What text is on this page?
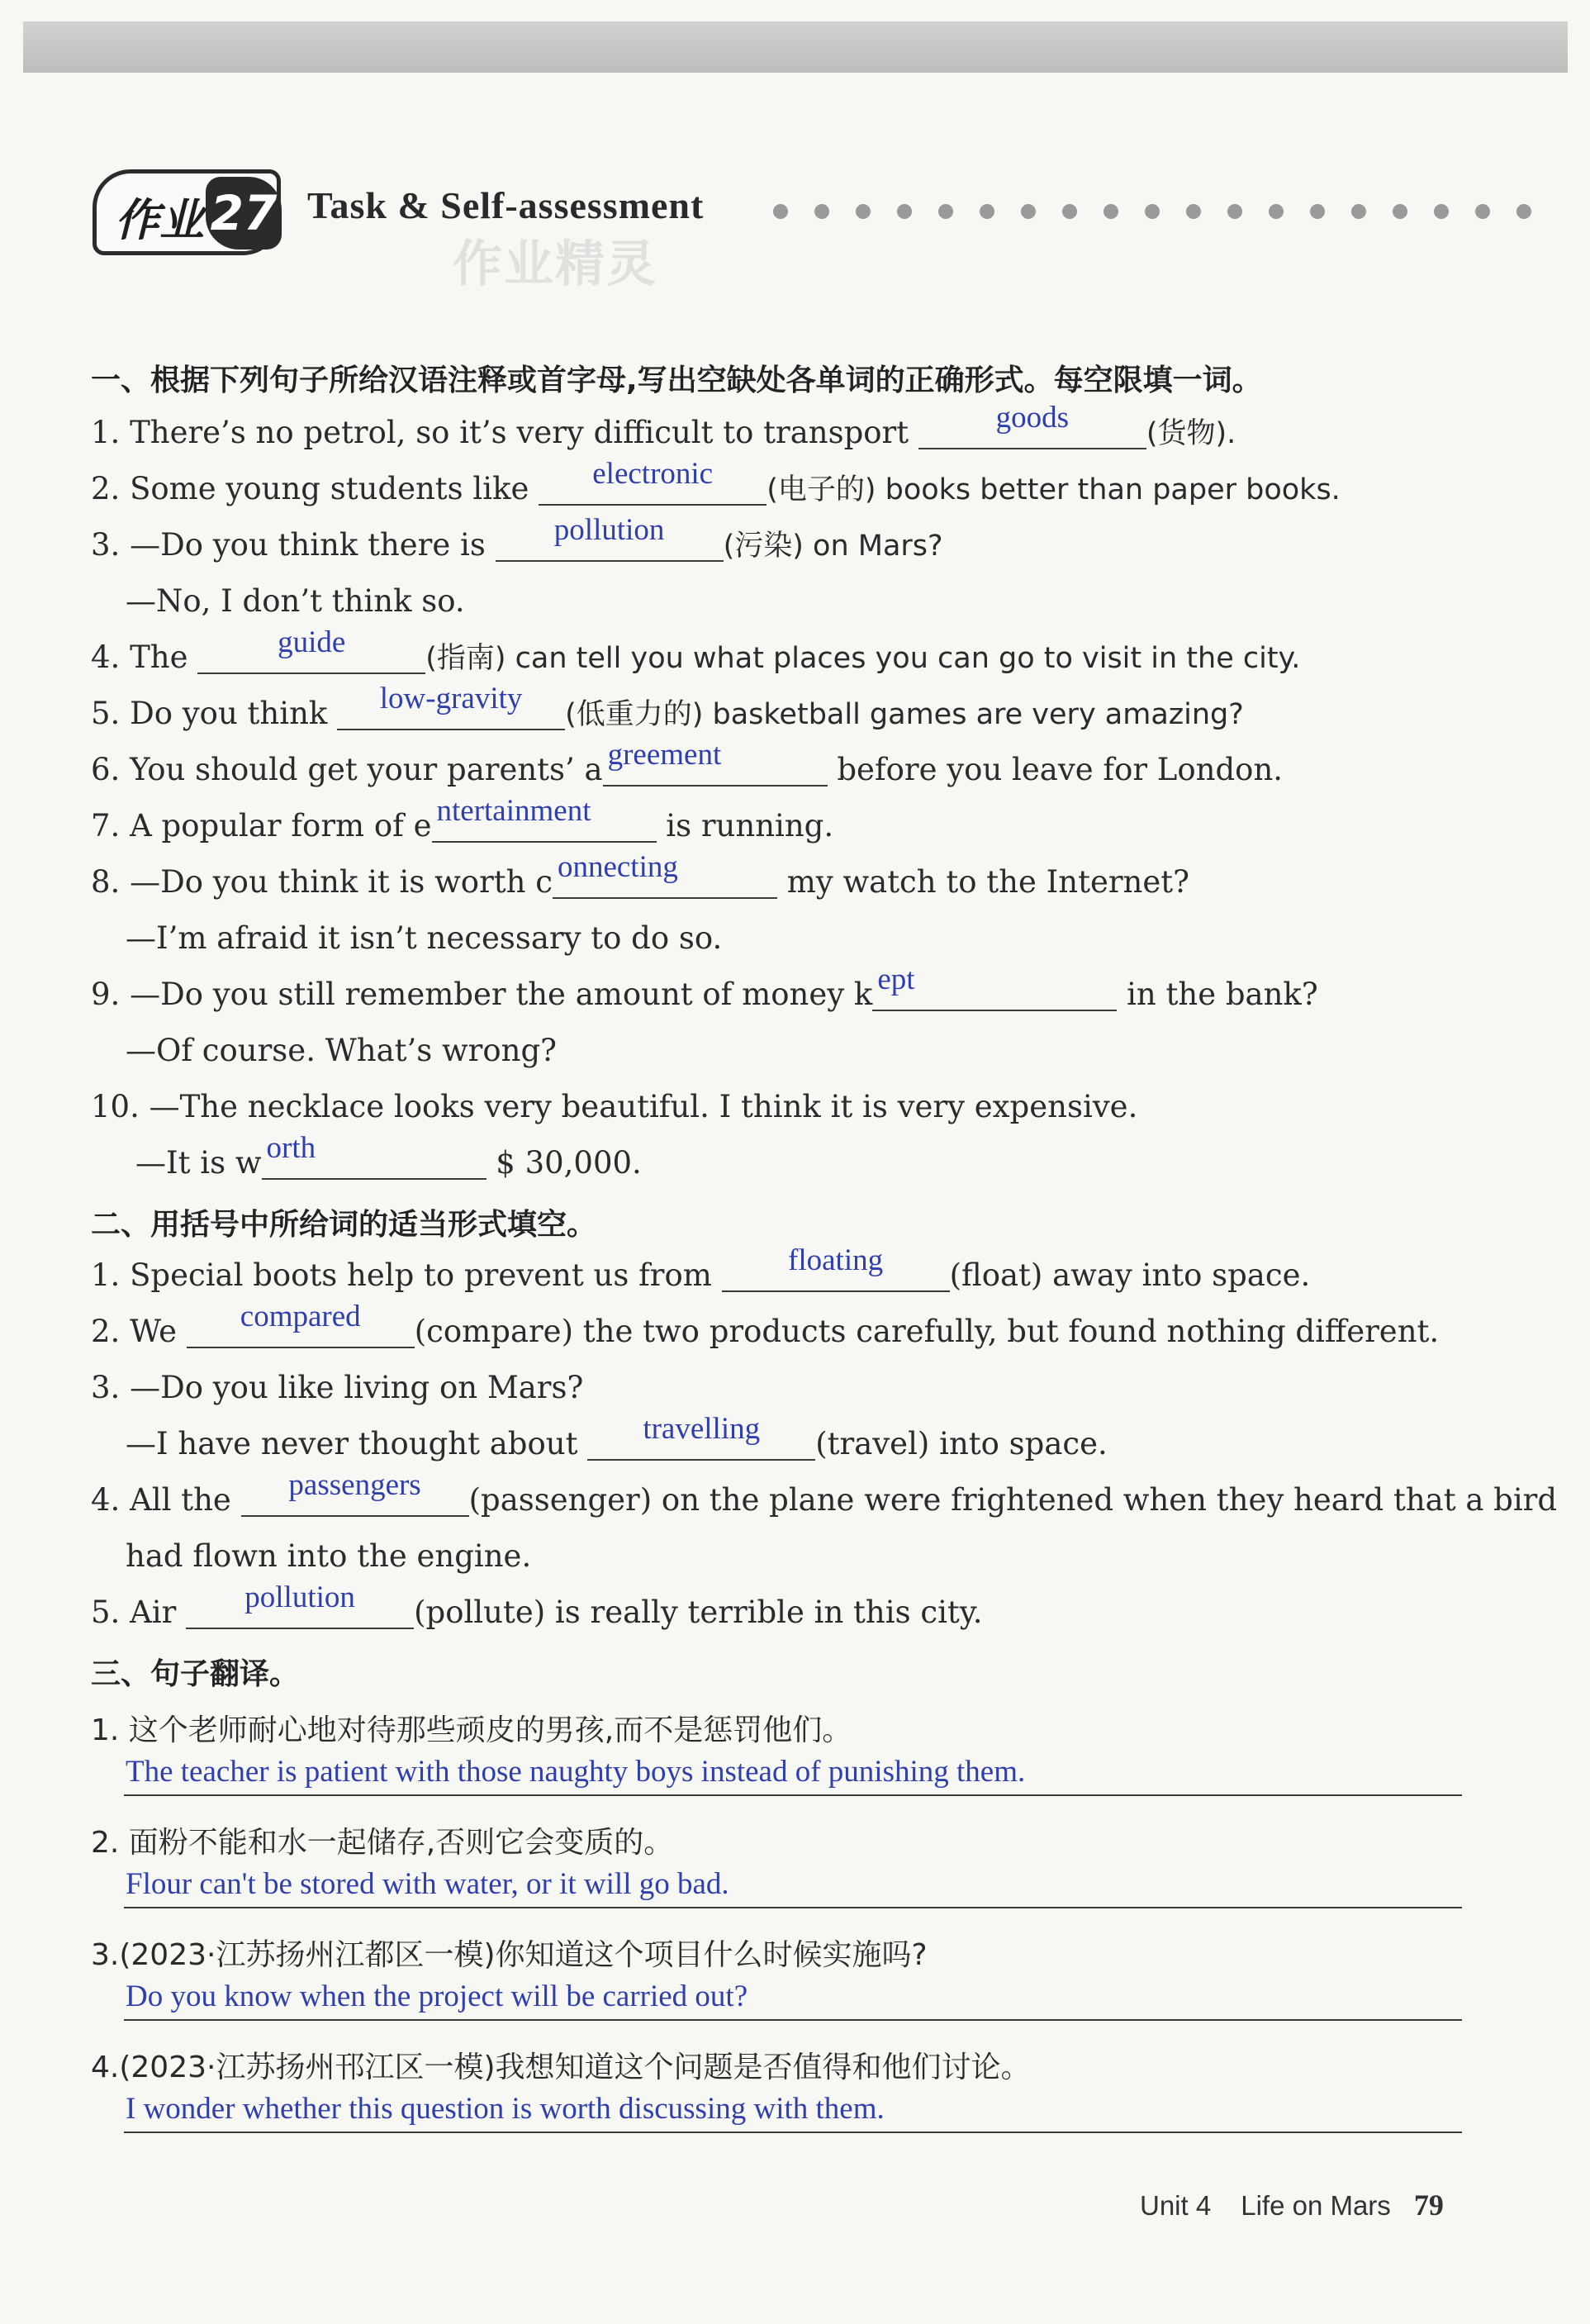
作业 27 Task & Self-assessment
作业精灵
一、根据下列句子所给汉语注释或首字母,写出空缺处各单词的正确形式。每空限填一词。
1. There’s no petrol, so it’s very difficult to transport	goods	(货物).
2. Some young students like	electronic	(电子的) books better than paper books.
3. —Do you think there is	pollution	(污染) on Mars?
—No, I don’t think so.
4. The	guide	(指南) can tell you what places you can go to visit in the city.
5. Do you think	low-gravity	(低重力的) basketball games are very amazing?
6. You should get your parents’ a greement	before you leave for London.
7. A popular form of e ntertainment	is running.
8. —Do you think it is worth c onnecting	my watch to the Internet?
—I’m afraid it isn’t necessary to do so.
9. —Do you still remember the amount of money k ept	in the bank?
—Of course. What’s wrong?
10. —The necklace looks very beautiful. I think it is very expensive.
—It is w orth	$ 30,000.
二、用括号中所给词的适当形式填空。
1. Special boots help to prevent us from	floating	(float) away into space.
2. We	compared	(compare) the two products carefully, but found nothing different.
3. —Do you like living on Mars?
—I have never thought about	travelling	(travel) into space.
4. All the	passengers	(passenger) on the plane were frightened when they heard that a bird
had flown into the engine.
5. Air	pollution	(pollute) is really terrible in this city.
三、句子翻译。
1. 这个老师耐心地对待那些顽皮的男孩,而不是惩罚他们。
The teacher is patient with those naughty boys instead of punishing them.
2. 面粉不能和水一起储存,否则它会变质的。
Flour can't be stored with water, or it will go bad.
3.(2023·江苏扬州江都区一模)你知道这个项目什么时候实施吗?
Do you know when the project will be carried out?
4.(2023·江苏扬州邗江区一模)我想知道这个问题是否值得和他们讨论。
I wonder whether this question is worth discussing with them.
Unit 4 Life on Mars 79
